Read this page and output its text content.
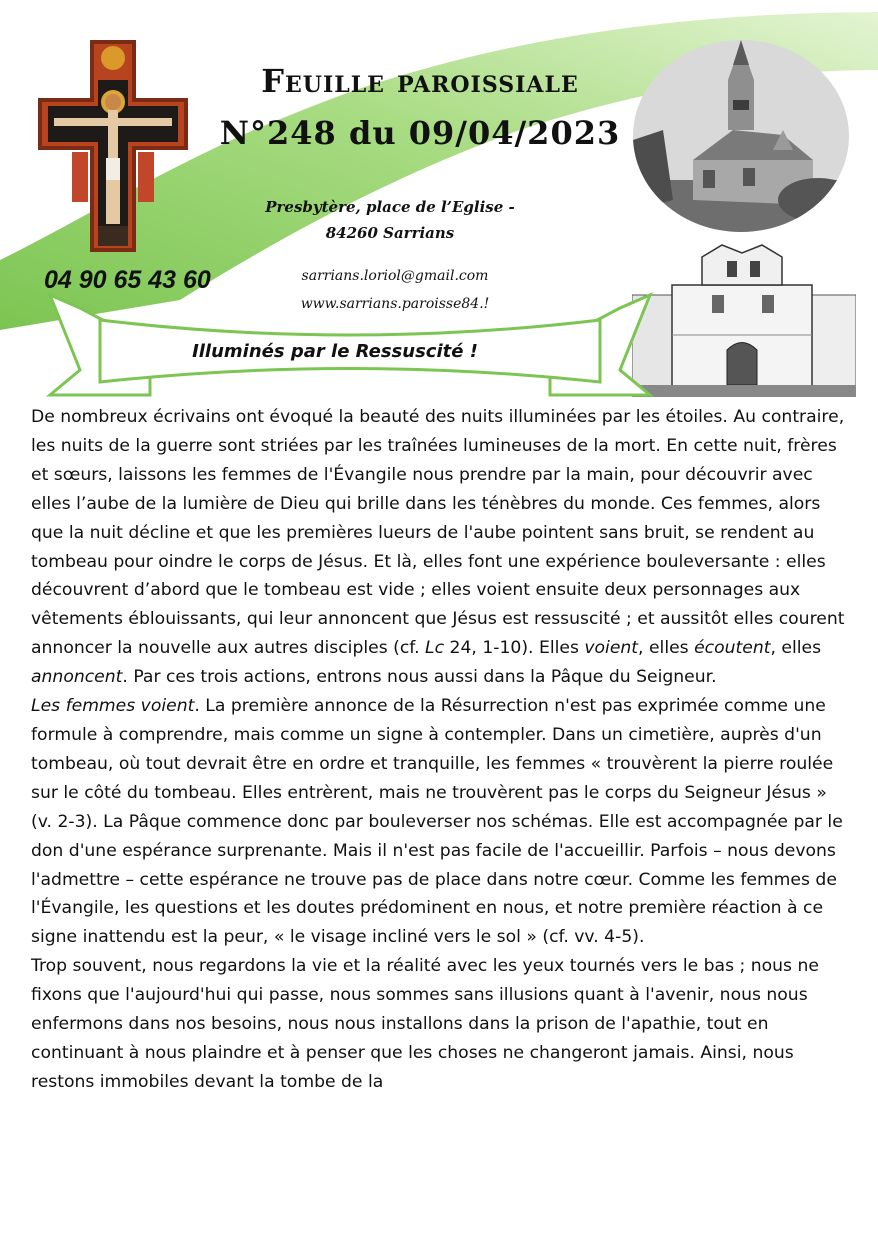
Feuille paroissiale
N°248 du 09/04/2023
Presbytère, place de l’Eglise -
84260 Sarrians
04 90 65 43 60	sarrians.loriol@gmail.com
www.sarrians.paroisse84.!
Illuminés par le Ressuscité !

De nombreux écrivains ont évoqué la beauté des nuits illuminées par les étoiles. Au contraire, les nuits de la guerre sont striées par les traînées lumineuses de la mort. En cette nuit, frères et sœurs, laissons les femmes de l'Évangile nous prendre par la main, pour découvrir avec elles l’aube de la lumière de Dieu qui brille dans les ténèbres du monde. Ces femmes, alors que la nuit décline et que les premières lueurs de l'aube pointent sans bruit, se rendent au tombeau pour oindre le corps de Jésus. Et là, elles font une expérience bouleversante : elles découvrent d’abord que le tombeau est vide ; elles voient ensuite deux personnages aux vêtements éblouissants, qui leur annoncent que Jésus est ressuscité ; et aussitôt elles courent annoncer la nouvelle aux autres disciples (cf. Lc 24, 1-10). Elles voient, elles écoutent, elles annoncent. Par ces trois actions, entrons nous aussi dans la Pâque du Seigneur.

Les femmes voient. La première annonce de la Résurrection n'est pas exprimée comme une formule à comprendre, mais comme un signe à contempler. Dans un cimetière, auprès d'un tombeau, où tout devrait être en ordre et tranquille, les femmes « trouvèrent la pierre roulée sur le côté du tombeau. Elles entrèrent, mais ne trouvèrent pas le corps du Seigneur Jésus » (v. 2-3). La Pâque commence donc par bouleverser nos schémas. Elle est accompagnée par le don d'une espérance surprenante. Mais il n'est pas facile de l'accueillir. Parfois – nous devons l'admettre – cette espérance ne trouve pas de place dans notre cœur. Comme les femmes de l'Évangile, les questions et les doutes prédominent en nous, et notre première réaction à ce signe inattendu est la peur, « le visage incliné vers le sol » (cf. vv. 4-5).

Trop souvent, nous regardons la vie et la réalité avec les yeux tournés vers le bas ; nous ne fixons que l'aujourd'hui qui passe, nous sommes sans illusions quant à l'avenir, nous nous enfermons dans nos besoins, nous nous installons dans la prison de l'apathie, tout en continuant à nous plaindre et à penser que les choses ne changeront jamais. Ainsi, nous restons immobiles devant la tombe de la
